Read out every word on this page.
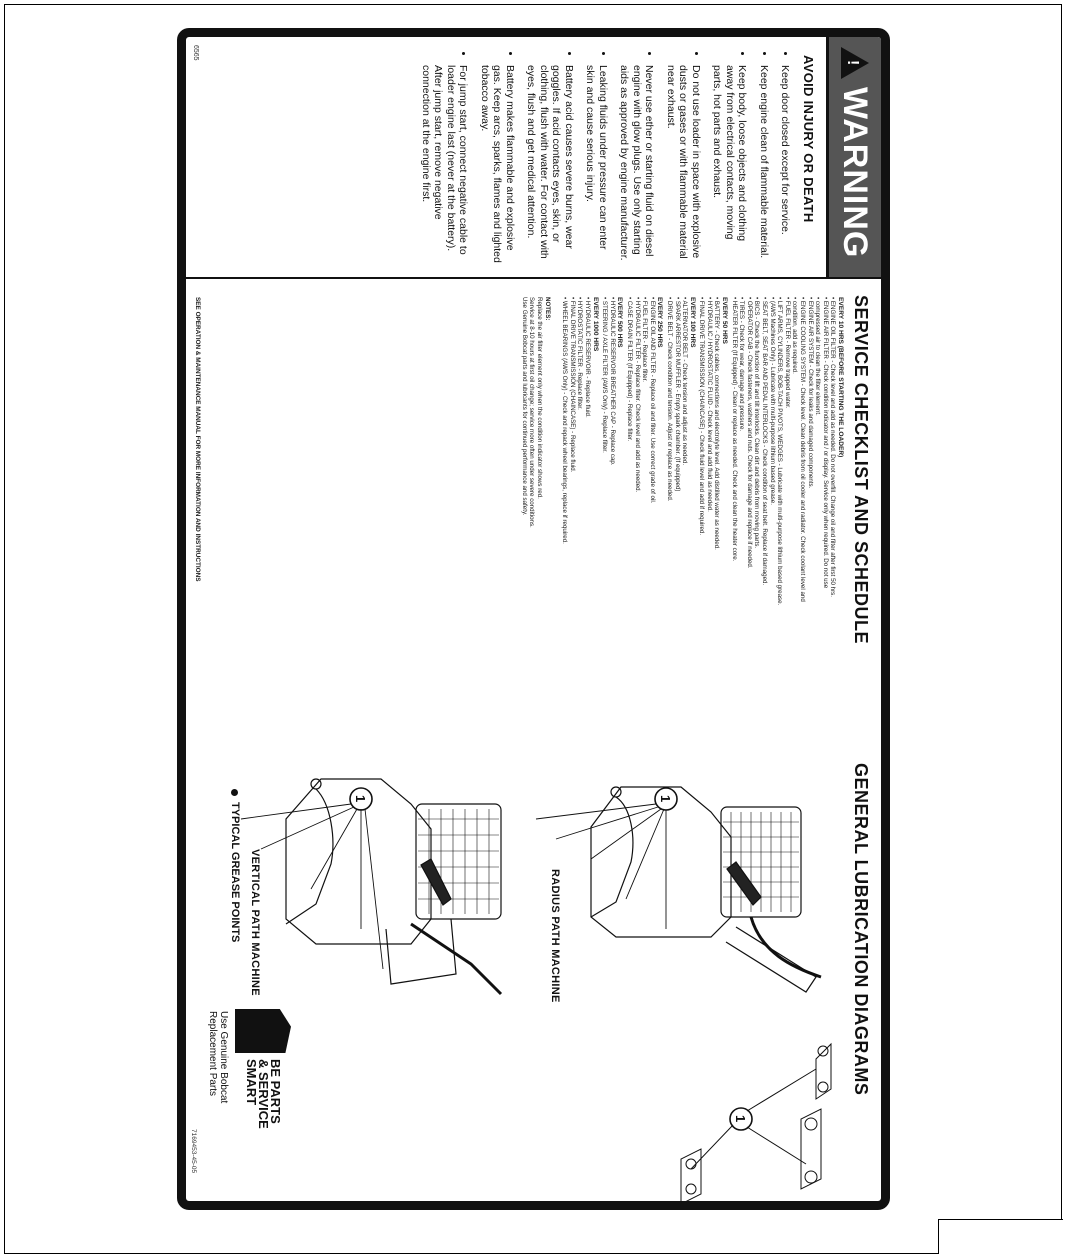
!
WARNING
AVOID INJURY OR DEATH
• Keep door closed except for service.
• Keep engine clean of flammable material.
• Keep body, loose objects and clothing away from electrical contacts, moving parts, hot parts and exhaust.
• Do not use loader in space with explosive dusts or gases or with flammable material near exhaust.
• Never use ether or starting fluid on diesel engine with glow plugs. Use only starting aids as approved by engine manufacturer.
• Leaking fluids under pressure can enter skin and cause serious injury.
• Battery acid causes severe burns, wear goggles. If acid contacts eyes, skin, or clothing, flush with water. For contact with eyes, flush and get medical attention.
• Battery makes flammable and explosive gas. Keep arcs, sparks, flames and lighted tobacco away.
• For jump start, connect negative cable to loader engine last (never at the battery). After jump start, remove negative connection at the engine first.
6565
SERVICE CHECKLIST AND SCHEDULE
EVERY 10 HRS (BEFORE STARTING THE LOADER)
• ENGINE OIL FILTER - Check level and add as needed. Do not overfill. Change oil and filter after first 50 hrs.
• ENGINE AIR FILTER - Check condition indicator and / or display. Service only when required. Do not use
• compressed air to clean the filter element.
• ENGINE AIR SYSTEM - Check for leaks and damaged components.
• ENGINE COOLING SYSTEM - Check level. Clean debris from oil cooler and radiator. Check coolant level and
• condition, add as required.
• FUEL FILTER - Remove trapped water.
• LIFT ARMS, CYLINDERS, BOB-TACH PIVOTS, WEDGES - Lubricate with multi-purpose lithium based grease.
• (AWS Machines Only) - Lubricate with multi-purpose lithium based grease.
• SEAT BELT, SEAT BAR AND PEDAL INTERLOCKS - Check condition of seat belt. Replace if damaged.
• BICS - Check the function of lift and tilt interlocks. Clean dirt and debris from moving parts.
• OPERATOR CAB - Check fasteners, washers and nuts. Check for damage and replace if needed.
• TIRES - Check for wear, damage and pressure.
• HEATER FILTER (If Equipped) - Clean or replace as needed. Check and clean the heater core.
EVERY 50 HRS
• BATTERY - Check cables, connections and electrolyte level. Add distilled water as needed.
• HYDRAULIC / HYDROSTATIC FLUID - Check level and add fluid as needed.
• FINAL DRIVE TRANSMISSION (CHAINCASE) - Check fluid level and add if required.
EVERY 100 HRS
• ALTERNATOR BELT - Check tension and adjust as needed.
• SPARK ARRESTOR MUFFLER - Empty spark chamber. (If equipped)
• DRIVE BELT - Check condition and tension. Adjust or replace as needed.
EVERY 250 HRS
• ENGINE OIL AND FILTER - Replace oil and filter. Use correct grade of oil.
• FUEL FILTER - Replace filter.
• HYDRAULIC FILTER - Replace filter. Check level and add as needed.
• CASE DRAIN FILTER (If Equipped) - Replace filter.
EVERY 500 HRS
• HYDRAULIC RESERVOIR BREATHER CAP - Replace cap.
• STEERING / AXLE FILTER (AWS Only) - Replace filter.
EVERY 1000 HRS
• HYDRAULIC RESERVOIR - Replace fluid.
• HYDROSTATIC FILTER - Replace filter.
• FINAL DRIVE TRANSMISSION (CHAINCASE) - Replace fluid.
• WHEEL BEARINGS (AWS Only) - Check and repack wheel bearings, replace if required.
NOTES:
Replace the air filter element only when the condition indicator shows red.
Service at 8-10 hours at first oil change; service more often under severe conditions.
Use Genuine Bobcat parts and lubricants for continued performance and safety.
SEE OPERATION & MAINTENANCE MANUAL FOR MORE INFORMATION AND INSTRUCTIONS
GENERAL LUBRICATION DIAGRAMS
1
RADIUS PATH MACHINE
1
VERTICAL PATH MACHINE
1
TYPICAL GREASE POINTS
BE PARTS
& SERVICE
SMART
Use Genuine Bobcat
Replacement Parts
7169453-45-05
